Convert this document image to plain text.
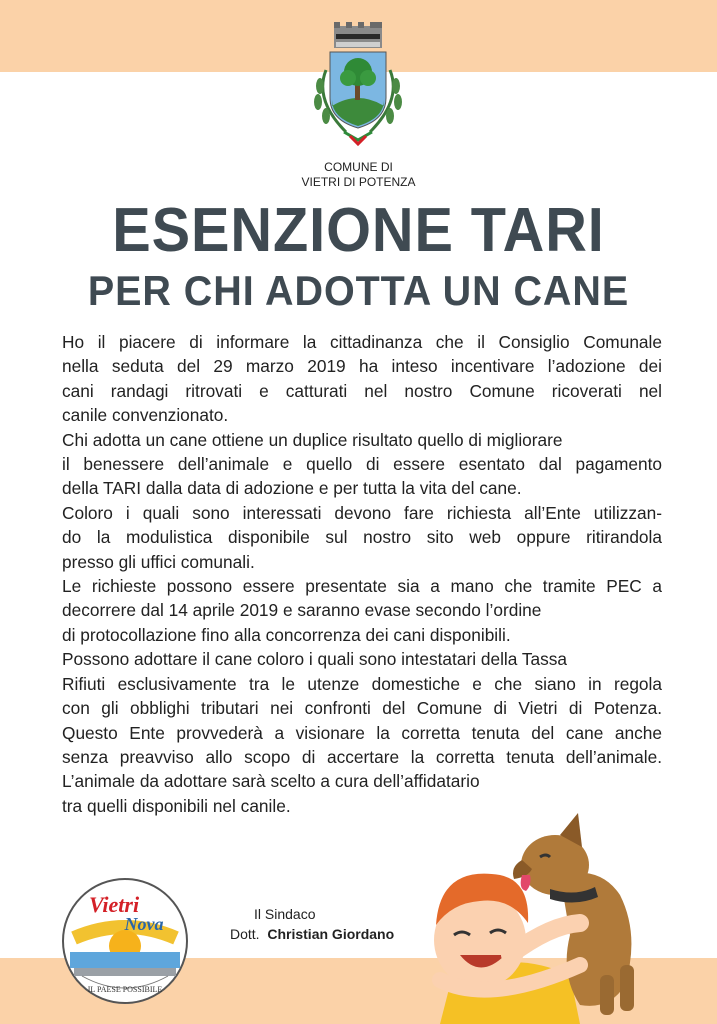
COMUNE DI
VIETRI DI POTENZA
ESENZIONE TARI
PER CHI ADOTTA UN CANE
Ho il piacere di informare la cittadinanza che il Consiglio Comunale
nella seduta del 29 marzo 2019 ha inteso incentivare l’adozione dei
cani randagi ritrovati e catturati nel nostro Comune ricoverati nel
canile convenzionato.
Chi adotta un cane ottiene un duplice risultato quello di migliorare
il benessere dell’animale e quello di essere esentato dal pagamento
della TARI dalla data di adozione e per tutta la vita del cane.
Coloro i quali sono interessati devono fare richiesta all’Ente utilizzan-
do la modulistica disponibile sul nostro sito web oppure ritirandola
presso gli uffici comunali.
Le richieste possono essere presentate sia a mano che tramite PEC a
decorrere dal 14 aprile 2019 e saranno evase secondo l’ordine
di protocollazione fino alla concorrenza dei cani disponibili.
Possono adottare il cane coloro i quali sono intestatari della Tassa
Rifiuti esclusivamente tra le utenze domestiche e che siano in regola
con gli obblighi tributari nei confronti del Comune di Vietri di Potenza.
Questo Ente provvederà a visionare la corretta tenuta del cane anche
senza preavviso allo scopo di accertare la corretta tenuta dell’animale.
L’animale da adottare sarà scelto a cura dell’affidatario
tra quelli disponibili nel canile.
Vietri
Nova
IL PAESE POSSIBILE
Il Sindaco
Dott. Christian Giordano
